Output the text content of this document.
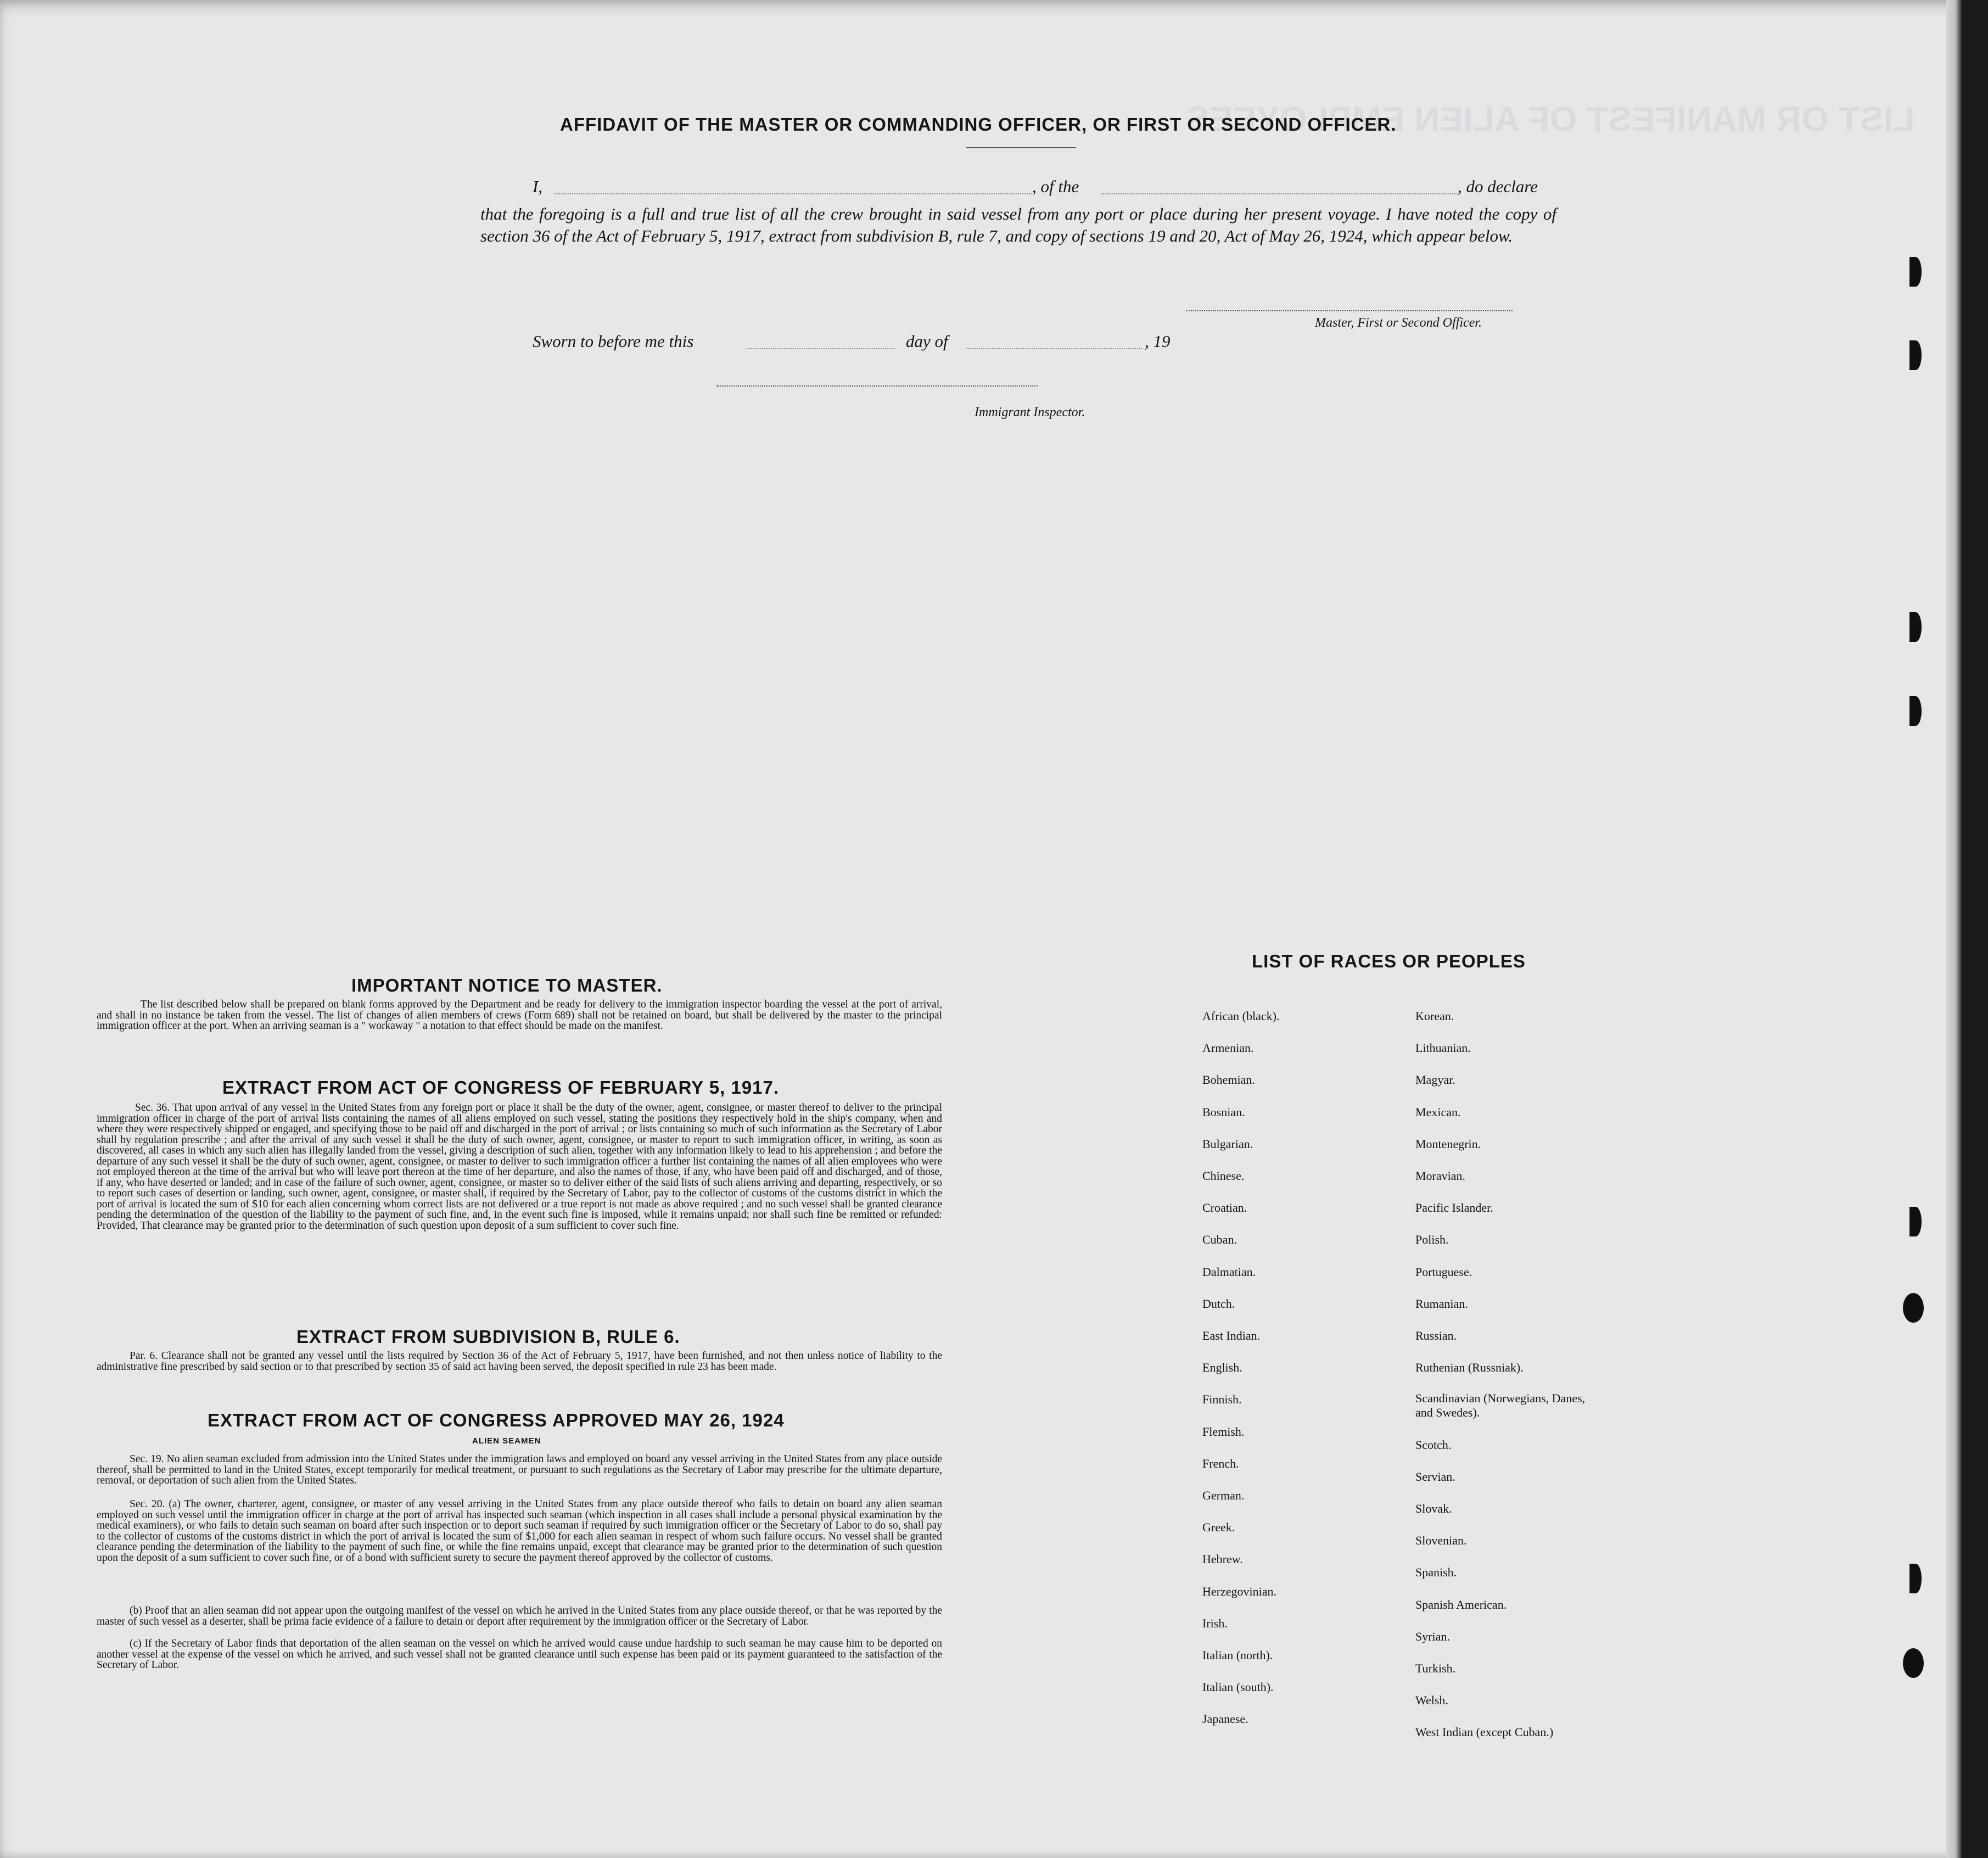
LIST OR MANIFEST OF ALIEN EMPLOYEES
AFFIDAVIT OF THE MASTER OR COMMANDING OFFICER, OR FIRST OR SECOND OFFICER.
I,	, of the	, do declare
that the foregoing is a full and true list of all the crew brought in said vessel from any port or place during her present voyage. I have noted the copy of section 36 of the Act of February 5, 1917, extract from subdivision B, rule 7, and copy of sections 19 and 20, Act of May 26, 1924, which appear below.
Master, First or Second Officer.
Sworn to before me this	day of	, 19
Immigrant Inspector.
IMPORTANT NOTICE TO MASTER.
The list described below shall be prepared on blank forms approved by the Department and be ready for delivery to the immigration inspector boarding the vessel at the port of arrival, and shall in no instance be taken from the vessel. The list of changes of alien members of crews (Form 689) shall not be retained on board, but shall be delivered by the master to the principal immigration officer at the port. When an arriving seaman is a " workaway " a notation to that effect should be made on the manifest.
EXTRACT FROM ACT OF CONGRESS OF FEBRUARY 5, 1917.
Sec. 36. That upon arrival of any vessel in the United States from any foreign port or place it shall be the duty of the owner, agent, consignee, or master thereof to deliver to the principal immigration officer in charge of the port of arrival lists containing the names of all aliens employed on such vessel, stating the positions they respectively hold in the ship's company, when and where they were respectively shipped or engaged, and specifying those to be paid off and discharged in the port of arrival ; or lists containing so much of such information as the Secretary of Labor shall by regulation prescribe ; and after the arrival of any such vessel it shall be the duty of such owner, agent, consignee, or master to report to such immigration officer, in writing, as soon as discovered, all cases in which any such alien has illegally landed from the vessel, giving a description of such alien, together with any information likely to lead to his apprehension ; and before the departure of any such vessel it shall be the duty of such owner, agent, consignee, or master to deliver to such immigration officer a further list containing the names of all alien employees who were not employed thereon at the time of the arrival but who will leave port thereon at the time of her departure, and also the names of those, if any, who have been paid off and discharged, and of those, if any, who have deserted or landed; and in case of the failure of such owner, agent, consignee, or master so to deliver either of the said lists of such aliens arriving and departing, respectively, or so to report such cases of desertion or landing, such owner, agent, consignee, or master shall, if required by the Secretary of Labor, pay to the collector of customs of the customs district in which the port of arrival is located the sum of $10 for each alien concerning whom correct lists are not delivered or a true report is not made as above required ; and no such vessel shall be granted clearance pending the determination of the question of the liability to the payment of such fine, and, in the event such fine is imposed, while it remains unpaid; nor shall such fine be remitted or refunded: Provided, That clearance may be granted prior to the determination of such question upon deposit of a sum sufficient to cover such fine.
EXTRACT FROM SUBDIVISION B, RULE 6.
Par. 6. Clearance shall not be granted any vessel until the lists required by Section 36 of the Act of February 5, 1917, have been furnished, and not then unless notice of liability to the administrative fine prescribed by said section or to that prescribed by section 35 of said act having been served, the deposit specified in rule 23 has been made.
EXTRACT FROM ACT OF CONGRESS APPROVED MAY 26, 1924
ALIEN SEAMEN
Sec. 19. No alien seaman excluded from admission into the United States under the immigration laws and employed on board any vessel arriving in the United States from any place outside thereof, shall be permitted to land in the United States, except temporarily for medical treatment, or pursuant to such regulations as the Secretary of Labor may prescribe for the ultimate departure, removal, or deportation of such alien from the United States.
Sec. 20. (a) The owner, charterer, agent, consignee, or master of any vessel arriving in the United States from any place outside thereof who fails to detain on board any alien seaman employed on such vessel until the immigration officer in charge at the port of arrival has inspected such seaman (which inspection in all cases shall include a personal physical examination by the medical examiners), or who fails to detain such seaman on board after such inspection or to deport such seaman if required by such immigration officer or the Secretary of Labor to do so, shall pay to the collector of customs of the customs district in which the port of arrival is located the sum of $1,000 for each alien seaman in respect of whom such failure occurs. No vessel shall be granted clearance pending the determination of the liability to the payment of such fine, or while the fine remains unpaid, except that clearance may be granted prior to the determination of such question upon the deposit of a sum sufficient to cover such fine, or of a bond with sufficient surety to secure the payment thereof approved by the collector of customs.
(b) Proof that an alien seaman did not appear upon the outgoing manifest of the vessel on which he arrived in the United States from any place outside thereof, or that he was reported by the master of such vessel as a deserter, shall be prima facie evidence of a failure to detain or deport after requirement by the immigration officer or the Secretary of Labor.
(c) If the Secretary of Labor finds that deportation of the alien seaman on the vessel on which he arrived would cause undue hardship to such seaman he may cause him to be deported on another vessel at the expense of the vessel on which he arrived, and such vessel shall not be granted clearance until such expense has been paid or its payment guaranteed to the satisfaction of the Secretary of Labor.
LIST OF RACES OR PEOPLES
African (black).
Armenian.
Bohemian.
Bosnian.
Bulgarian.
Chinese.
Croatian.
Cuban.
Dalmatian.
Dutch.
East Indian.
English.
Finnish.
Flemish.
French.
German.
Greek.
Hebrew.
Herzegovinian.
Irish.
Italian (north).
Italian (south).
Japanese.
Korean.
Lithuanian.
Magyar.
Mexican.
Montenegrin.
Moravian.
Pacific Islander.
Polish.
Portuguese.
Rumanian.
Russian.
Ruthenian (Russniak).
Scandinavian (Norwegians, Danes, and Swedes).
Scotch.
Servian.
Slovak.
Slovenian.
Spanish.
Spanish American.
Syrian.
Turkish.
Welsh.
West Indian (except Cuban.)
